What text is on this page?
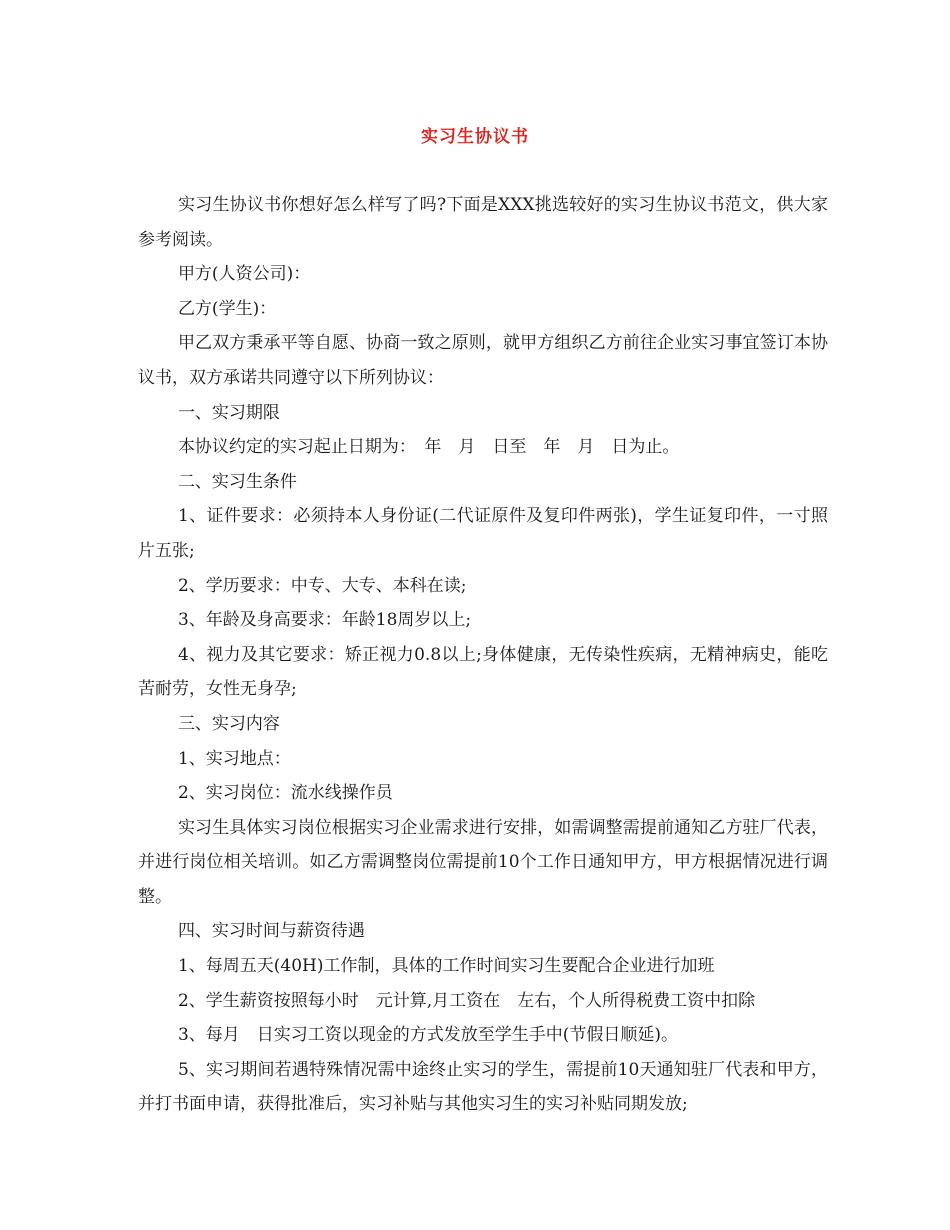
实习生协议书

实习生协议书你想好怎么样写了吗?下面是XXX挑选较好的实习生协议书范文，供大家参考阅读。

甲方(人资公司)：

乙方(学生)：

甲乙双方秉承平等自愿、协商一致之原则，就甲方组织乙方前往企业实习事宜签订本协议书，双方承诺共同遵守以下所列协议：

一、实习期限

本协议约定的实习起止日期为：　年　月　日至　年　月　日为止。

二、实习生条件

1、证件要求：必须持本人身份证(二代证原件及复印件两张)，学生证复印件，一寸照片五张;

2、学历要求：中专、大专、本科在读;

3、年龄及身高要求：年龄18周岁以上;

4、视力及其它要求：矫正视力0.8以上;身体健康，无传染性疾病，无精神病史，能吃苦耐劳，女性无身孕;

三、实习内容

1、实习地点：

2、实习岗位：流水线操作员

实习生具体实习岗位根据实习企业需求进行安排，如需调整需提前通知乙方驻厂代表，并进行岗位相关培训。如乙方需调整岗位需提前10个工作日通知甲方，甲方根据情况进行调整。

四、实习时间与薪资待遇

1、每周五天(40H)工作制，具体的工作时间实习生要配合企业进行加班

2、学生薪资按照每小时　元计算,月工资在　左右，个人所得税费工资中扣除

3、每月　日实习工资以现金的方式发放至学生手中(节假日顺延)。

5、实习期间若遇特殊情况需中途终止实习的学生，需提前10天通知驻厂代表和甲方，并打书面申请，获得批准后，实习补贴与其他实习生的实习补贴同期发放;
